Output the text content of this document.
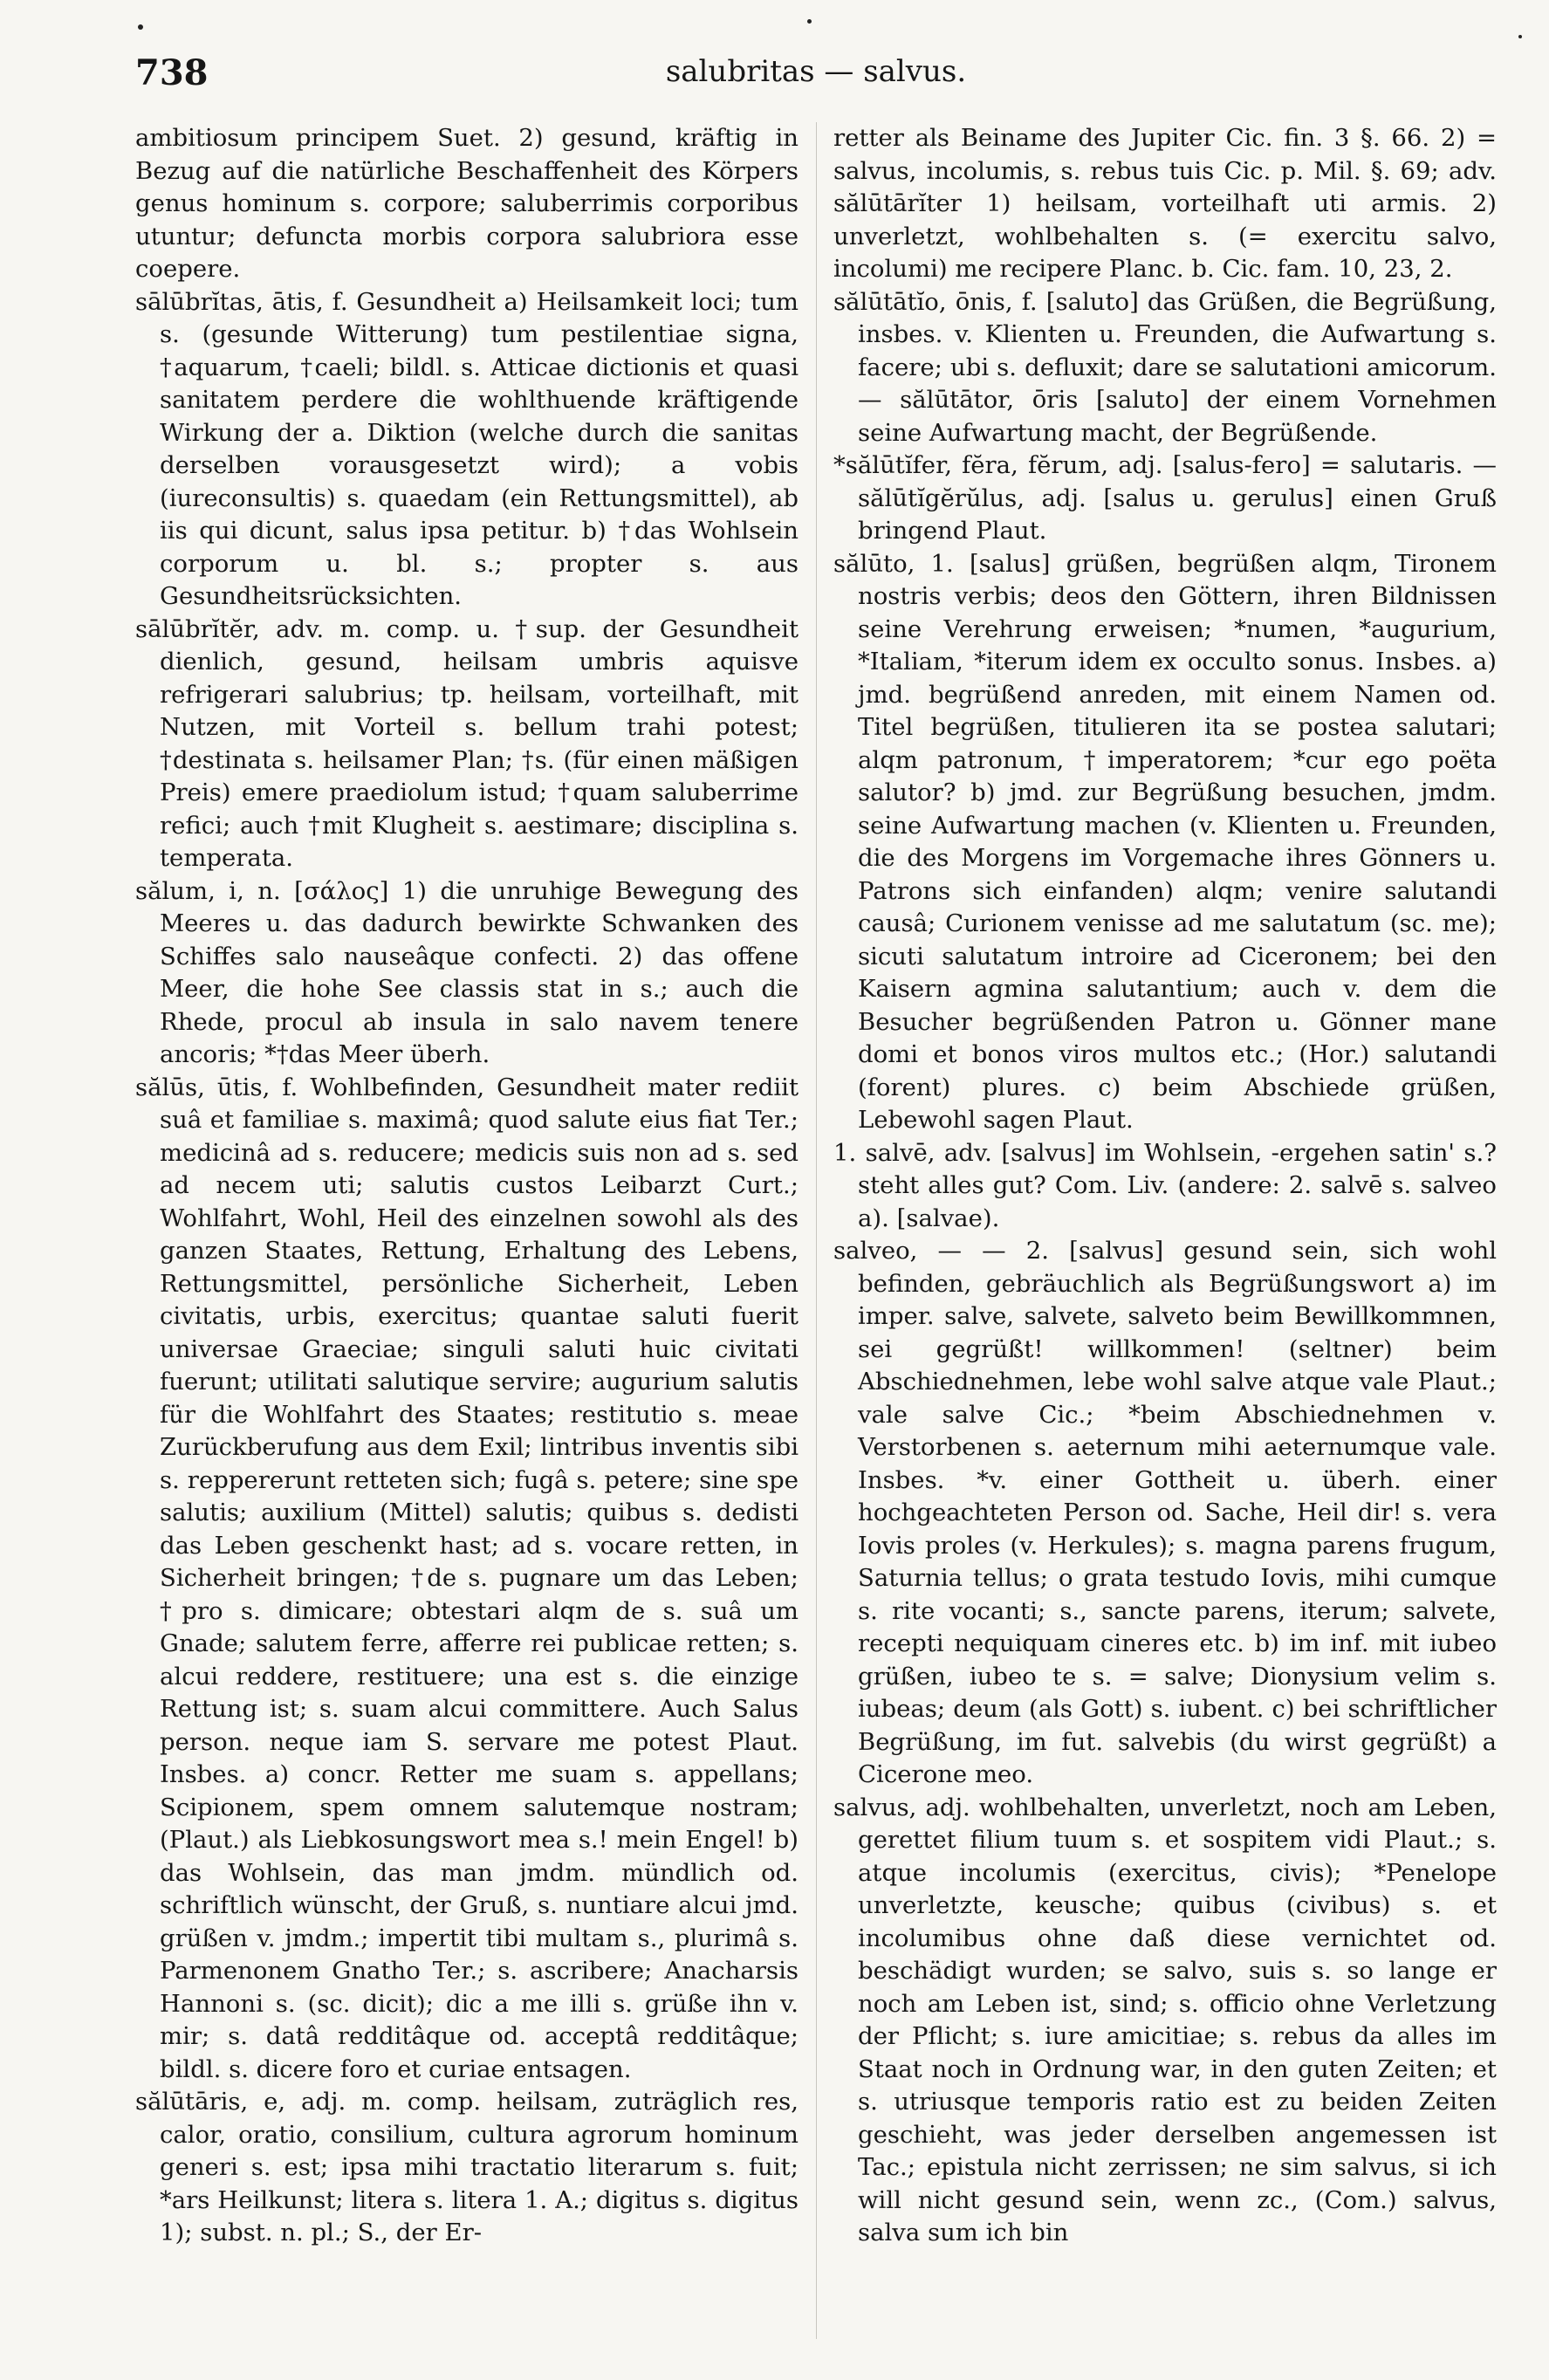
738	salubritas — salvus.

ambitiosum principem Suet. 2) gesund, kräftig in Bezug auf die natürliche Beschaffenheit des Körpers genus hominum s. corpore; saluberrimis corporibus utuntur; defuncta morbis corpora salubriora esse coepere.

sālūbrĭtas, ātis, f. Gesundheit a) Heilsamkeit loci; tum s. (gesunde Witterung) tum pestilentiae signa, †aquarum, †caeli; bildl. s. Atticae dictionis et quasi sanitatem perdere die wohlthuende kräftigende Wirkung der a. Diktion (welche durch die sanitas derselben vorausgesetzt wird); a vobis (iureconsultis) s. quaedam (ein Rettungsmittel), ab iis qui dicunt, salus ipsa petitur. b) †das Wohlsein corporum u. bl. s.; propter s. aus Gesundheitsrücksichten.

sālūbrĭtĕr, adv. m. comp. u. †sup. der Gesundheit dienlich, gesund, heilsam umbris aquisve refrigerari salubrius; tp. heilsam, vorteilhaft, mit Nutzen, mit Vorteil s. bellum trahi potest; †destinata s. heilsamer Plan; †s. (für einen mäßigen Preis) emere praediolum istud; †quam saluberrime refici; auch †mit Klugheit s. aestimare; disciplina s. temperata.

sălum, i, n. [σάλος] 1) die unruhige Bewegung des Meeres u. das dadurch bewirkte Schwanken des Schiffes salo nauseâque confecti. 2) das offene Meer, die hohe See classis stat in s.; auch die Rhede, procul ab insula in salo navem tenere ancoris; *†das Meer überh.

sălūs, ūtis, f. Wohlbefinden, Gesundheit mater rediit suâ et familiae s. maximâ; quod salute eius fiat Ter.; medicinâ ad s. reducere; medicis suis non ad s. sed ad necem uti; salutis custos Leibarzt Curt.; Wohlfahrt, Wohl, Heil des einzelnen sowohl als des ganzen Staates, Rettung, Erhaltung des Lebens, Rettungsmittel, persönliche Sicherheit, Leben civitatis, urbis, exercitus; quantae saluti fuerit universae Graeciae; singuli saluti huic civitati fuerunt; utilitati salutique servire; augurium salutis für die Wohlfahrt des Staates; restitutio s. meae Zurückberufung aus dem Exil; lintribus inventis sibi s. reppererunt retteten sich; fugâ s. petere; sine spe salutis; auxilium (Mittel) salutis; quibus s. dedisti das Leben geschenkt hast; ad s. vocare retten, in Sicherheit bringen; †de s. pugnare um das Leben; †pro s. dimicare; obtestari alqm de s. suâ um Gnade; salutem ferre, afferre rei publicae retten; s. alcui reddere, restituere; una est s. die einzige Rettung ist; s. suam alcui committere. Auch Salus person. neque iam S. servare me potest Plaut. Insbes. a) concr. Retter me suam s. appellans; Scipionem, spem omnem salutemque nostram; (Plaut.) als Liebkosungswort mea s.! mein Engel! b) das Wohlsein, das man jmdm. mündlich od. schriftlich wünscht, der Gruß, s. nuntiare alcui jmd. grüßen v. jmdm.; impertit tibi multam s., plurimâ s. Parmenonem Gnatho Ter.; s. ascribere; Anacharsis Hannoni s. (sc. dicit); dic a me illi s. grüße ihn v. mir; s. datâ redditâque od. acceptâ redditâque; bildl. s. dicere foro et curiae entsagen.

sălūtāris, e, adj. m. comp. heilsam, zuträglich res, calor, oratio, consilium, cultura agrorum hominum generi s. est; ipsa mihi tractatio literarum s. fuit; *ars Heilkunst; litera s. litera 1. A.; digitus s. digitus 1); subst. n. pl.; S., der Er-

retter als Beiname des Jupiter Cic. fin. 3 §. 66. 2) = salvus, incolumis, s. rebus tuis Cic. p. Mil. §. 69; adv. sălūtārĭter 1) heilsam, vorteilhaft uti armis. 2) unverletzt, wohlbehalten s. (= exercitu salvo, incolumi) me recipere Planc. b. Cic. fam. 10, 23, 2.

sălūtātĭo, ōnis, f. [saluto] das Grüßen, die Begrüßung, insbes. v. Klienten u. Freunden, die Aufwartung s. facere; ubi s. defluxit; dare se salutationi amicorum. — sălūtātor, ōris [saluto] der einem Vornehmen seine Aufwartung macht, der Begrüßende.

*sălūtĭfer, fĕra, fĕrum, adj. [salus-fero] = salutaris. — sălūtĭgĕrŭlus, adj. [salus u. gerulus] einen Gruß bringend Plaut.

sălūto, 1. [salus] grüßen, begrüßen alqm, Tironem nostris verbis; deos den Göttern, ihren Bildnissen seine Verehrung erweisen; *numen, *augurium, *Italiam, *iterum idem ex occulto sonus. Insbes. a) jmd. begrüßend anreden, mit einem Namen od. Titel begrüßen, titulieren ita se postea salutari; alqm patronum, †imperatorem; *cur ego poëta salutor? b) jmd. zur Begrüßung besuchen, jmdm. seine Aufwartung machen (v. Klienten u. Freunden, die des Morgens im Vorgemache ihres Gönners u. Patrons sich einfanden) alqm; venire salutandi causâ; Curionem venisse ad me salutatum (sc. me); sicuti salutatum introire ad Ciceronem; bei den Kaisern agmina salutantium; auch v. dem die Besucher begrüßenden Patron u. Gönner mane domi et bonos viros multos etc.; (Hor.) salutandi (forent) plures. c) beim Abschiede grüßen, Lebewohl sagen Plaut.

1. salvē, adv. [salvus] im Wohlsein, -ergehen satin' s.? steht alles gut? Com. Liv. (andere: 2. salvē s. salveo a). [salvae).

salveo, — — 2. [salvus] gesund sein, sich wohl befinden, gebräuchlich als Begrüßungswort a) im imper. salve, salvete, salveto beim Bewillkommnen, sei gegrüßt! willkommen! (seltner) beim Abschiednehmen, lebe wohl salve atque vale Plaut.; vale salve Cic.; *beim Abschiednehmen v. Verstorbenen s. aeternum mihi aeternumque vale. Insbes. *v. einer Gottheit u. überh. einer hochgeachteten Person od. Sache, Heil dir! s. vera Iovis proles (v. Herkules); s. magna parens frugum, Saturnia tellus; o grata testudo Iovis, mihi cumque s. rite vocanti; s., sancte parens, iterum; salvete, recepti nequiquam cineres etc. b) im inf. mit iubeo grüßen, iubeo te s. = salve; Dionysium velim s. iubeas; deum (als Gott) s. iubent. c) bei schriftlicher Begrüßung, im fut. salvebis (du wirst gegrüßt) a Cicerone meo.

salvus, adj. wohlbehalten, unverletzt, noch am Leben, gerettet filium tuum s. et sospitem vidi Plaut.; s. atque incolumis (exercitus, civis); *Penelope unverletzte, keusche; quibus (civibus) s. et incolumibus ohne daß diese vernichtet od. beschädigt wurden; se salvo, suis s. so lange er noch am Leben ist, sind; s. officio ohne Verletzung der Pflicht; s. iure amicitiae; s. rebus da alles im Staat noch in Ordnung war, in den guten Zeiten; et s. utriusque temporis ratio est zu beiden Zeiten geschieht, was jeder derselben angemessen ist Tac.; epistula nicht zerrissen; ne sim salvus, si ich will nicht gesund sein, wenn zc., (Com.) salvus, salva sum ich bin
